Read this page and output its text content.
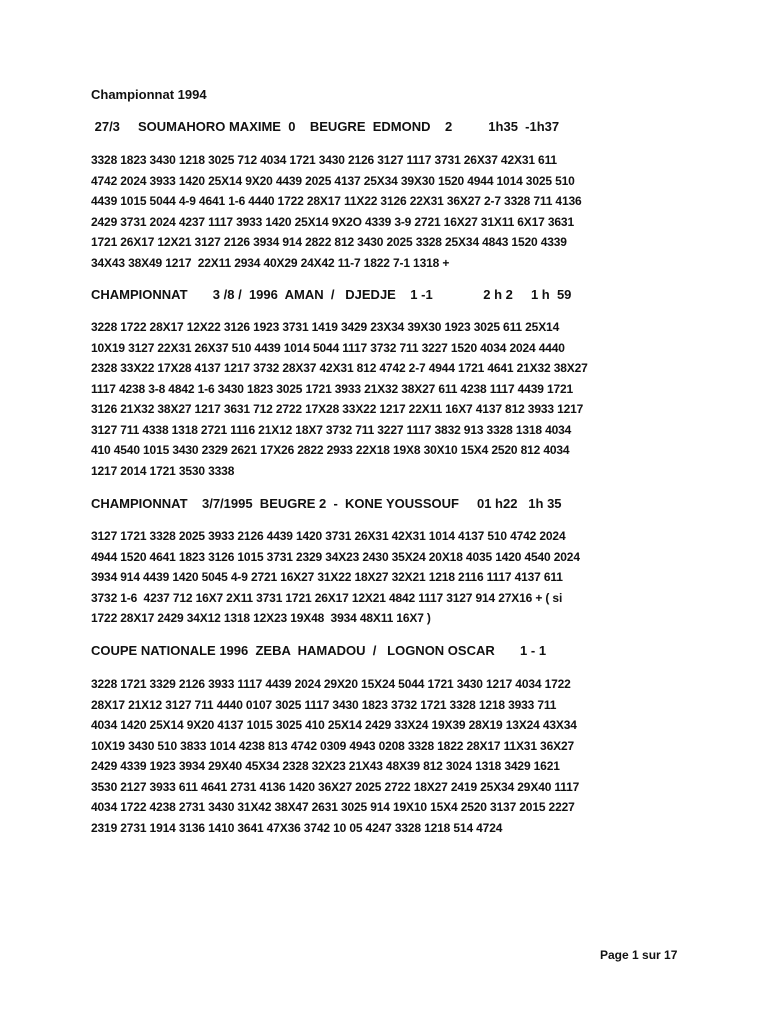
Championnat 1994
27/3     SOUMAHORO MAXIME  0    BEUGRE  EDMOND    2          1h35  -1h37
3328 1823 3430 1218 3025 712 4034 1721 3430 2126 3127 1117 3731 26X37 42X31 611
4742 2024 3933 1420 25X14 9X20 4439 2025 4137 25X34 39X30 1520 4944 1014 3025 510
4439 1015 5044 4-9 4641 1-6 4440 1722 28X17 11X22 3126 22X31 36X27 2-7 3328 711 4136
2429 3731 2024 4237 1117 3933 1420 25X14 9X2O 4339 3-9 2721 16X27 31X11 6X17 3631
1721 26X17 12X21 3127 2126 3934 914 2822 812 3430 2025 3328 25X34 4843 1520 4339
34X43 38X49 1217  22X11 2934 40X29 24X42 11-7 1822 7-1 1318 +
CHAMPIONNAT       3 /8 /  1996  AMAN  /   DJEDJE    1 -1              2 h 2     1 h  59
3228 1722 28X17 12X22 3126 1923 3731 1419 3429 23X34 39X30 1923 3025 611 25X14
10X19 3127 22X31 26X37 510 4439 1014 5044 1117 3732 711 3227 1520 4034 2024 4440
2328 33X22 17X28 4137 1217 3732 28X37 42X31 812 4742 2-7 4944 1721 4641 21X32 38X27
1117 4238 3-8 4842 1-6 3430 1823 3025 1721 3933 21X32 38X27 611 4238 1117 4439 1721
3126 21X32 38X27 1217 3631 712 2722 17X28 33X22 1217 22X11 16X7 4137 812 3933 1217
3127 711 4338 1318 2721 1116 21X12 18X7 3732 711 3227 1117 3832 913 3328 1318 4034
410 4540 1015 3430 2329 2621 17X26 2822 2933 22X18 19X8 30X10 15X4 2520 812 4034
1217 2014 1721 3530 3338
CHAMPIONNAT    3/7/1995  BEUGRE 2  -  KONE YOUSSOUF     01 h22   1h 35
3127 1721 3328 2025 3933 2126 4439 1420 3731 26X31 42X31 1014 4137 510 4742 2024
4944 1520 4641 1823 3126 1015 3731 2329 34X23 2430 35X24 20X18 4035 1420 4540 2024
3934 914 4439 1420 5045 4-9 2721 16X27 31X22 18X27 32X21 1218 2116 1117 4137 611
3732 1-6  4237 712 16X7 2X11 3731 1721 26X17 12X21 4842 1117 3127 914 27X16 + ( si
1722 28X17 2429 34X12 1318 12X23 19X48  3934 48X11 16X7 )
COUPE NATIONALE 1996  ZEBA  HAMADOU  /   LOGNON OSCAR       1 - 1
3228 1721 3329 2126 3933 1117 4439 2024 29X20 15X24 5044 1721 3430 1217 4034 1722
28X17 21X12 3127 711 4440 0107 3025 1117 3430 1823 3732 1721 3328 1218 3933 711
4034 1420 25X14 9X20 4137 1015 3025 410 25X14 2429 33X24 19X39 28X19 13X24 43X34
10X19 3430 510 3833 1014 4238 813 4742 0309 4943 0208 3328 1822 28X17 11X31 36X27
2429 4339 1923 3934 29X40 45X34 2328 32X23 21X43 48X39 812 3024 1318 3429 1621
3530 2127 3933 611 4641 2731 4136 1420 36X27 2025 2722 18X27 2419 25X34 29X40 1117
4034 1722 4238 2731 3430 31X42 38X47 2631 3025 914 19X10 15X4 2520 3137 2015 2227
2319 2731 1914 3136 1410 3641 47X36 3742 10 05 4247 3328 1218 514 4724
Page 1 sur 17
